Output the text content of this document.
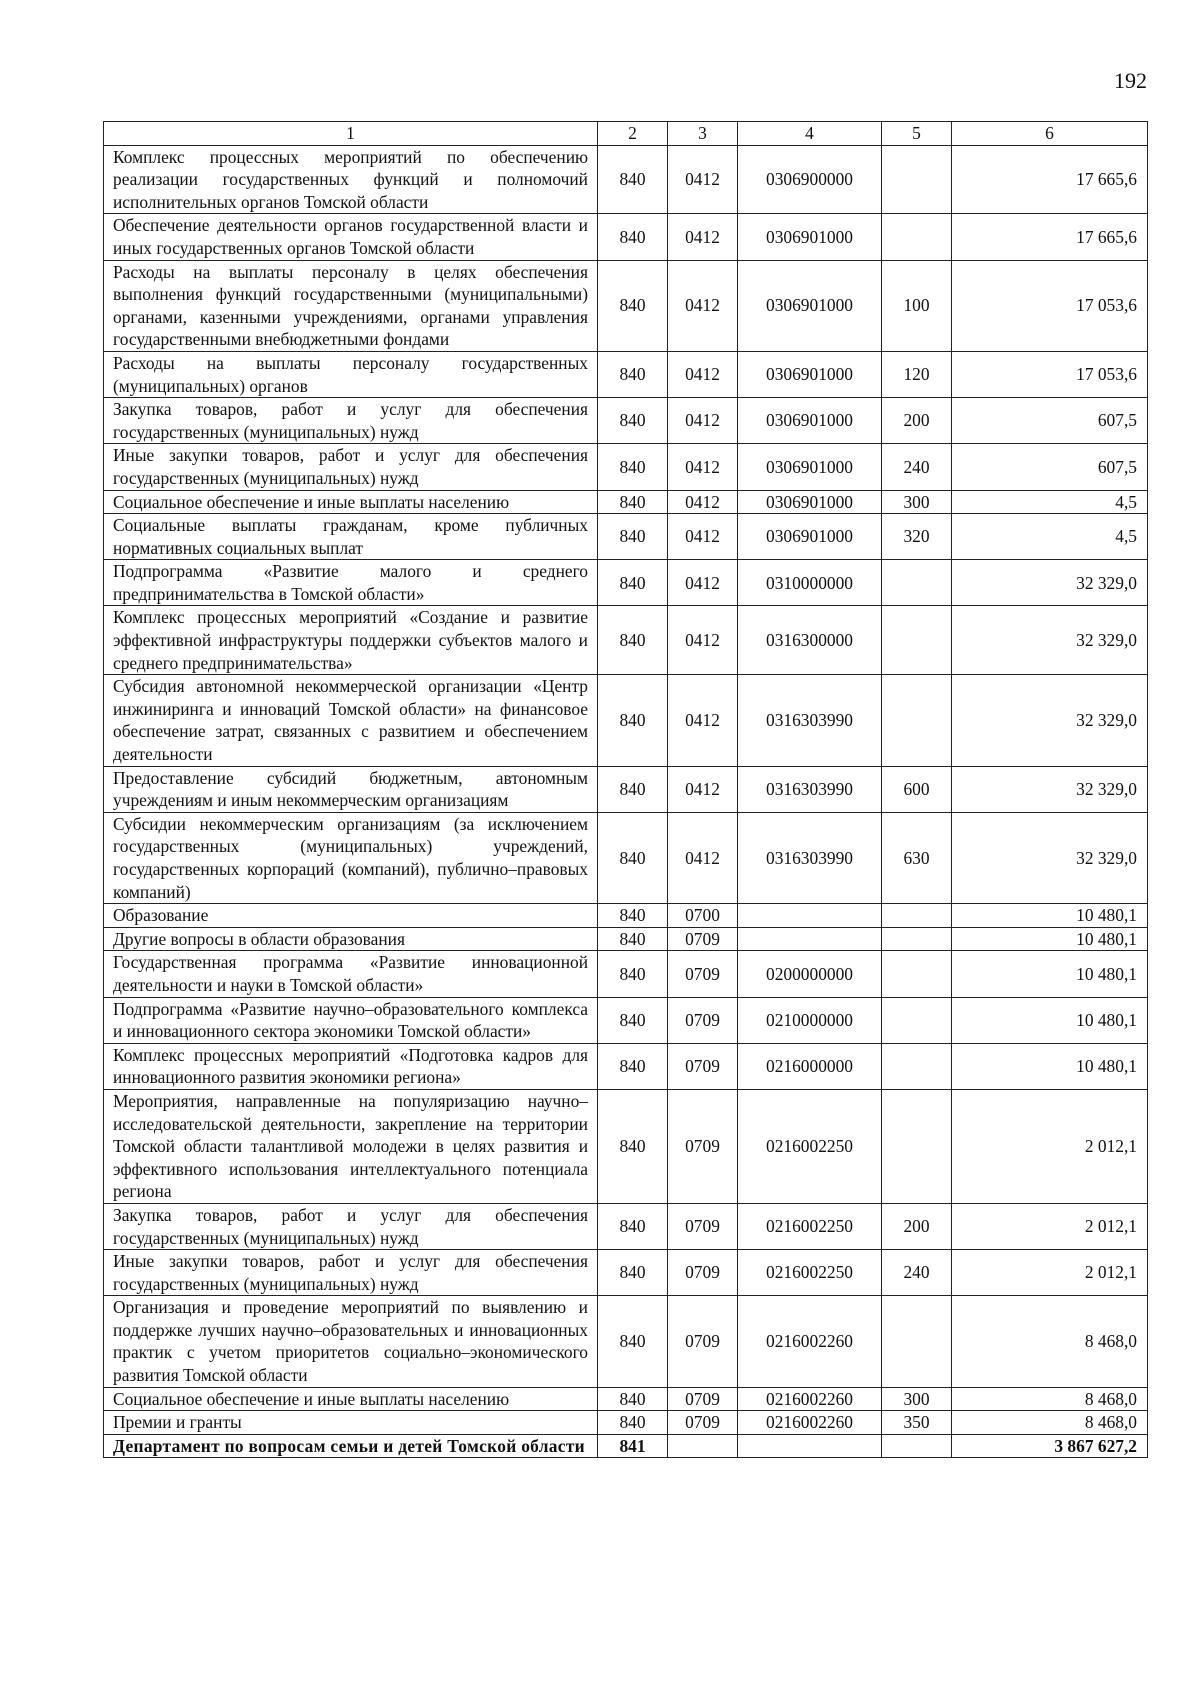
192
1	2	3	4	5	6
Комплекс процессных мероприятий по обеспечению реализации государственных функций и полномочий исполнительных органов Томской области	840	0412	0306900000		17 665,6
Обеспечение деятельности органов государственной власти и иных государственных органов Томской области	840	0412	0306901000		17 665,6
Расходы на выплаты персоналу в целях обеспечения выполнения функций государственными (муниципальными) органами, казенными учреждениями, органами управления государственными внебюджетными фондами	840	0412	0306901000	100	17 053,6
Расходы на выплаты персоналу государственных (муниципальных) органов	840	0412	0306901000	120	17 053,6
Закупка товаров, работ и услуг для обеспечения государственных (муниципальных) нужд	840	0412	0306901000	200	607,5
Иные закупки товаров, работ и услуг для обеспечения государственных (муниципальных) нужд	840	0412	0306901000	240	607,5
Социальное обеспечение и иные выплаты населению	840	0412	0306901000	300	4,5
Социальные выплаты гражданам, кроме публичных нормативных социальных выплат	840	0412	0306901000	320	4,5
Подпрограмма «Развитие малого и среднего предпринимательства в Томской области»	840	0412	0310000000		32 329,0
Комплекс процессных мероприятий «Создание и развитие эффективной инфраструктуры поддержки субъектов малого и среднего предпринимательства»	840	0412	0316300000		32 329,0
Субсидия автономной некоммерческой организации «Центр инжиниринга и инноваций Томской области» на финансовое обеспечение затрат, связанных с развитием и обеспечением деятельности	840	0412	0316303990		32 329,0
Предоставление субсидий бюджетным, автономным учреждениям и иным некоммерческим организациям	840	0412	0316303990	600	32 329,0
Субсидии некоммерческим организациям (за исключением государственных (муниципальных) учреждений, государственных корпораций (компаний), публично–правовых компаний)	840	0412	0316303990	630	32 329,0
Образование	840	0700			10 480,1
Другие вопросы в области образования	840	0709			10 480,1
Государственная программа «Развитие инновационной деятельности и науки в Томской области»	840	0709	0200000000		10 480,1
Подпрограмма «Развитие научно–образовательного комплекса и инновационного сектора экономики Томской области»	840	0709	0210000000		10 480,1
Комплекс процессных мероприятий «Подготовка кадров для инновационного развития экономики региона»	840	0709	0216000000		10 480,1
Мероприятия, направленные на популяризацию научно–исследовательской деятельности, закрепление на территории Томской области талантливой молодежи в целях развития и эффективного использования интеллектуального потенциала региона	840	0709	0216002250		2 012,1
Закупка товаров, работ и услуг для обеспечения государственных (муниципальных) нужд	840	0709	0216002250	200	2 012,1
Иные закупки товаров, работ и услуг для обеспечения государственных (муниципальных) нужд	840	0709	0216002250	240	2 012,1
Организация и проведение мероприятий по выявлению и поддержке лучших научно–образовательных и инновационных практик с учетом приоритетов социально–экономического развития Томской области	840	0709	0216002260		8 468,0
Социальное обеспечение и иные выплаты населению	840	0709	0216002260	300	8 468,0
Премии и гранты	840	0709	0216002260	350	8 468,0
Департамент по вопросам семьи и детей Томской области	841				3 867 627,2
